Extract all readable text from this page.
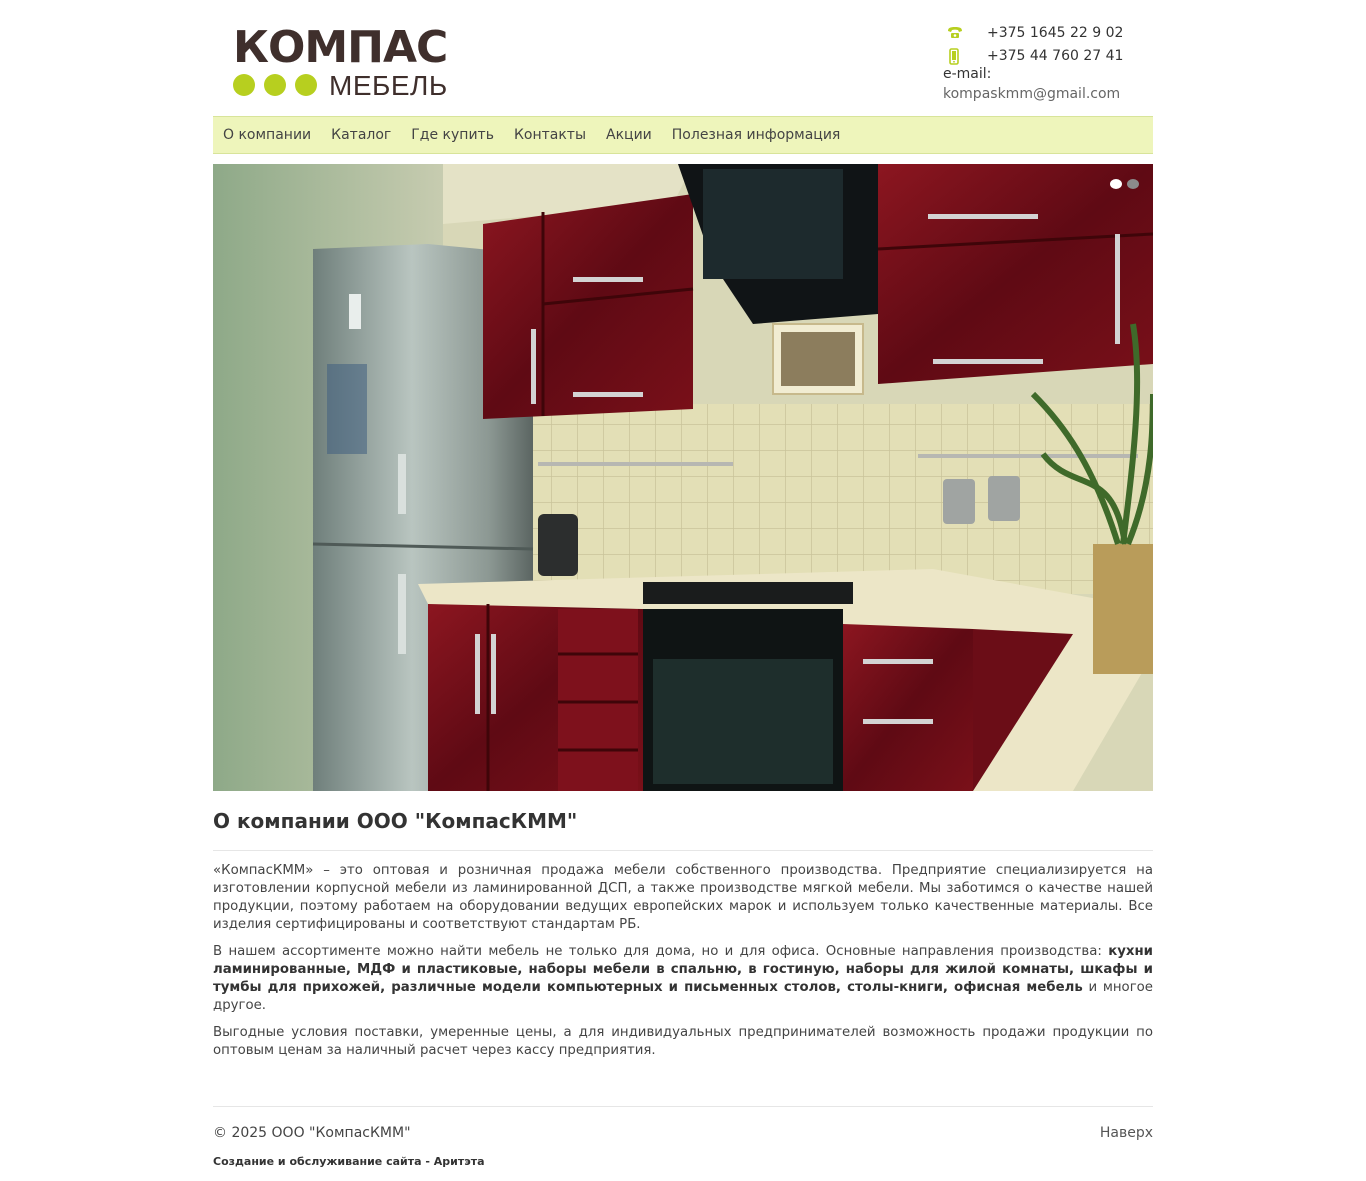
КОМПАС
МЕБЕЛЬ
+375 1645 22 9 02
+375 44 760 27 41
e-mail: kompaskmm@gmail.com
О компании Каталог Где купить Контакты Акции Полезная информация
О компании ООО "КомпасКММ"

«КомпасКММ» – это оптовая и розничная продажа мебели собственного производства. Предприятие специализируется на изготовлении корпусной мебели из ламинированной ДСП, а также производстве мягкой мебели. Мы заботимся о качестве нашей продукции, поэтому работаем на оборудовании ведущих европейских марок и используем только качественные материалы. Все изделия сертифицированы и соответствуют стандартам РБ.

В нашем ассортименте можно найти мебель не только для дома, но и для офиса. Основные направления производства: кухни ламинированные, МДФ и пластиковые, наборы мебели в спальню, в гостиную, наборы для жилой комнаты, шкафы и тумбы для прихожей, различные модели компьютерных и письменных столов, столы-книги, офисная мебель и многое другое.

Выгодные условия поставки, умеренные цены, а для индивидуальных предпринимателей возможность продажи продукции по оптовым ценам за наличный расчет через кассу предприятия.

© 2025 ООО "КомпасКММ"	Наверх
Создание и обслуживание сайта - Аритэта
